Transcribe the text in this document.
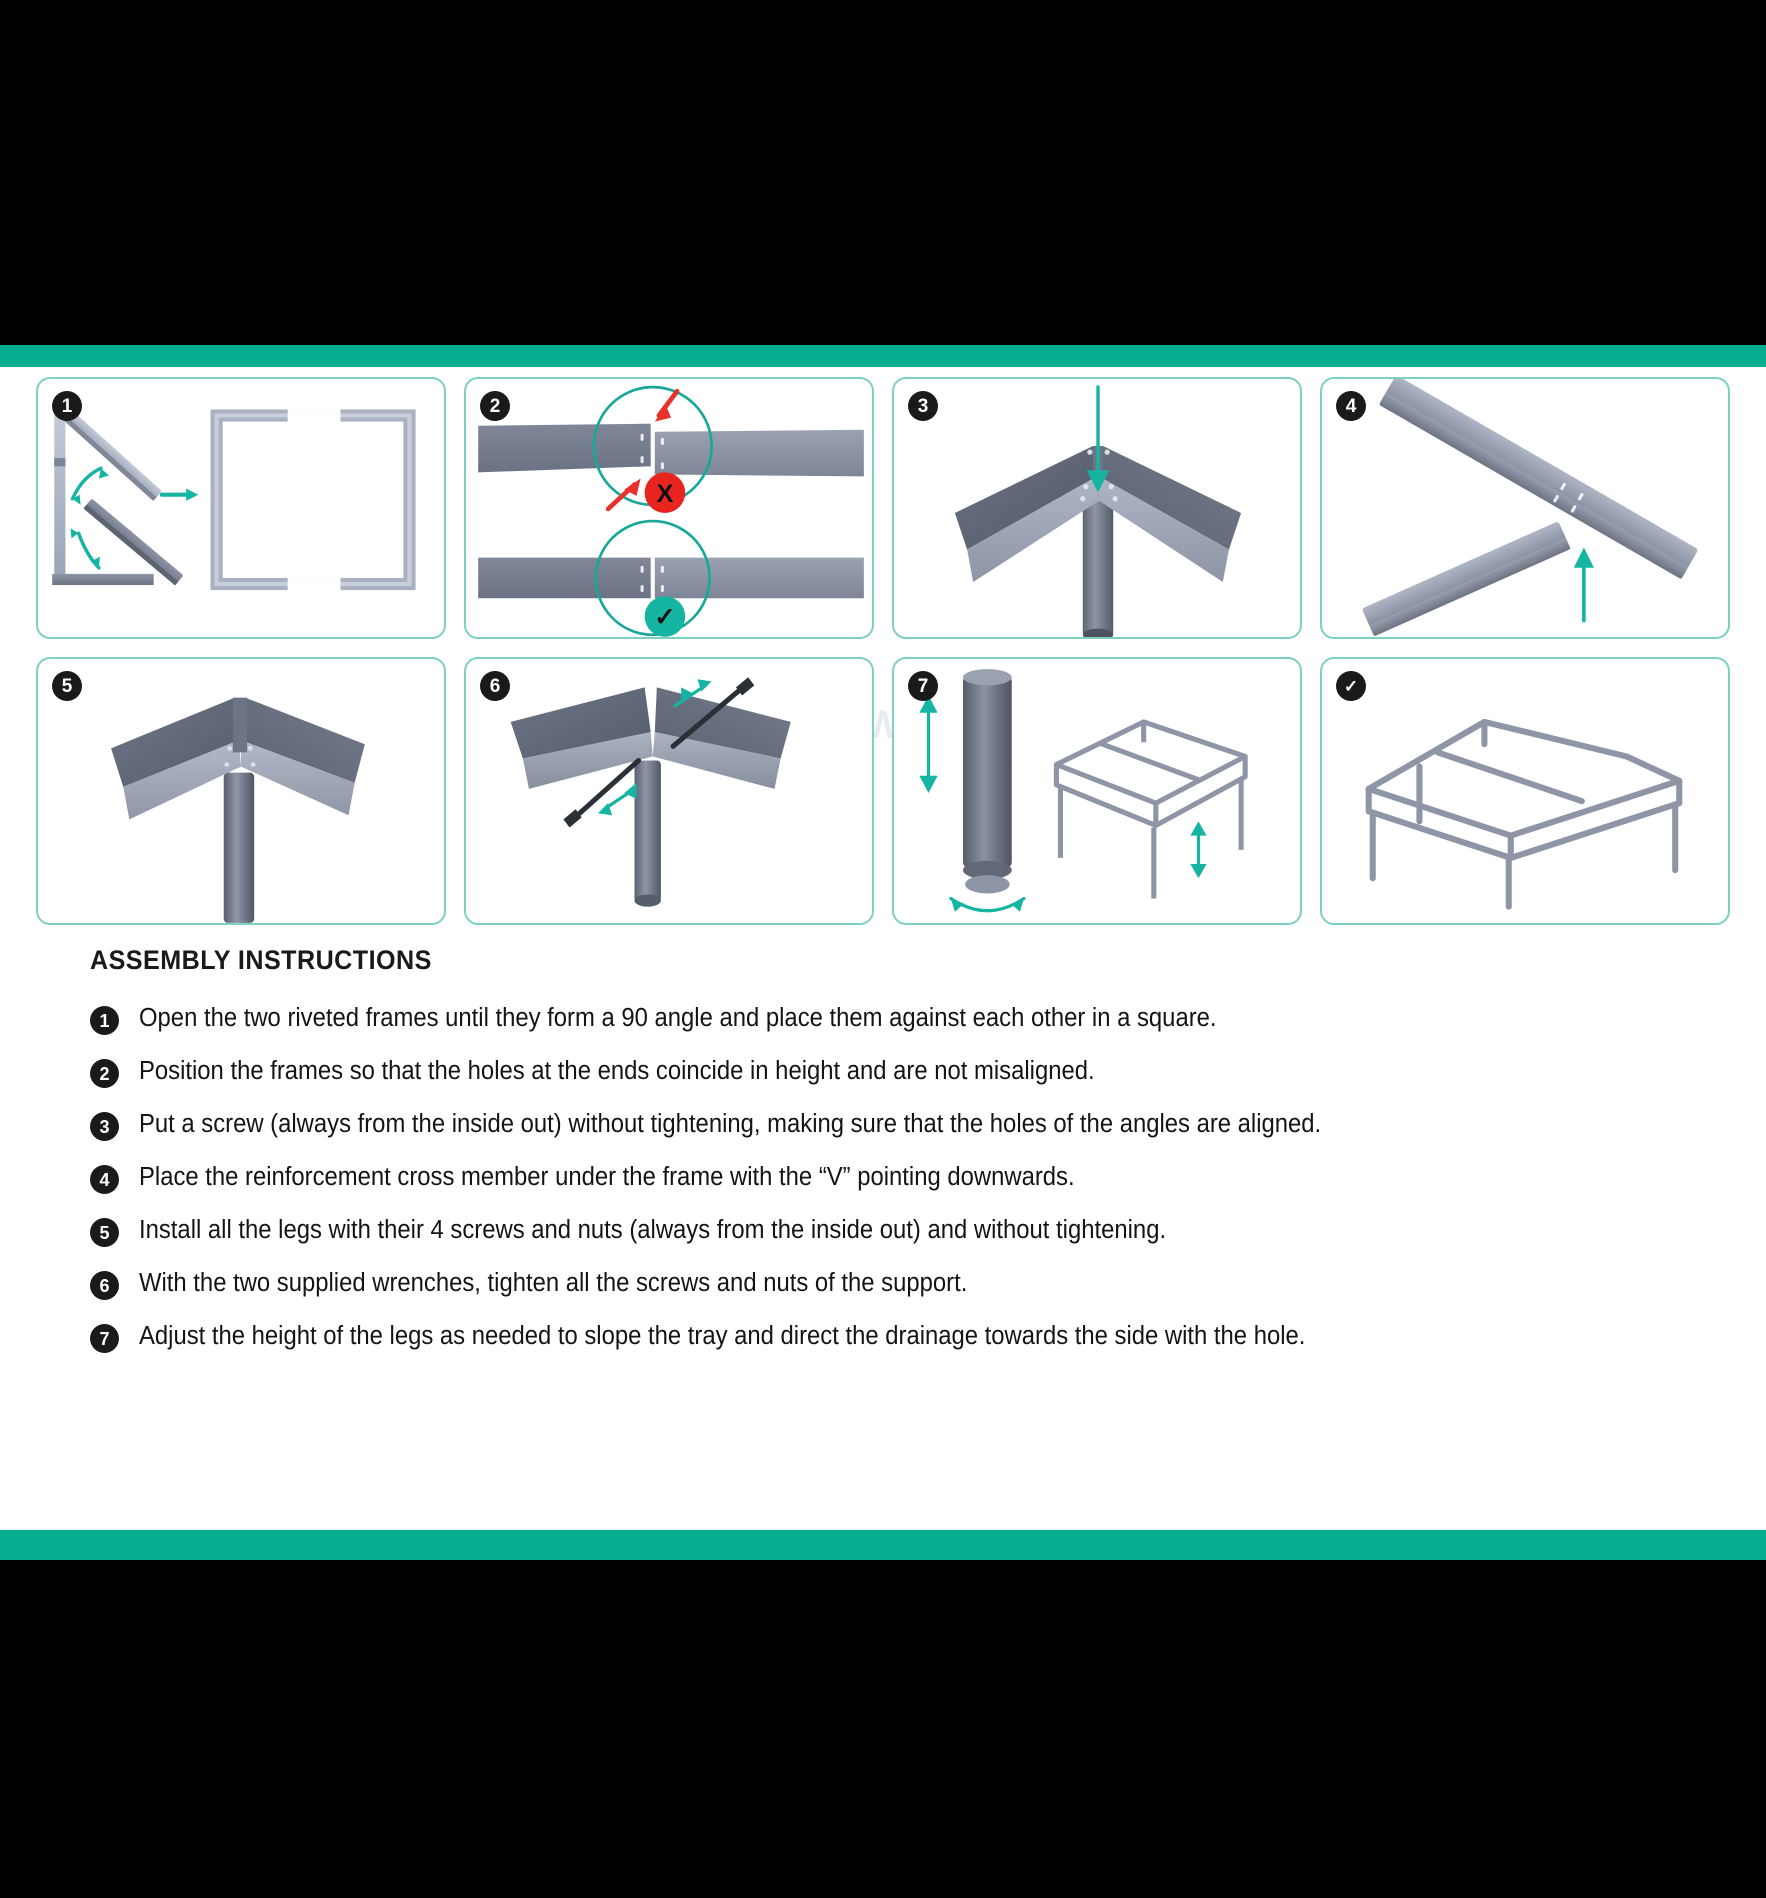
1	2
X
✓
3	4
5	6	7	✓
ASSEMBLY INSTRUCTIONS
1	Open the two riveted frames until they form a 90 angle and place them against each other in a square.
2	Position the frames so that the holes at the ends coincide in height and are not misaligned.
3	Put a screw (always from the inside out) without tightening, making sure that the holes of the angles are aligned.
4	Place the reinforcement cross member under the frame with the “V” pointing downwards.
5	Install all the legs with their 4 screws and nuts (always from the inside out) and without tightening.
6	With the two supplied wrenches, tighten all the screws and nuts of the support.
7	Adjust the height of the legs as needed to slope the tray and direct the drainage towards the side with the hole.
